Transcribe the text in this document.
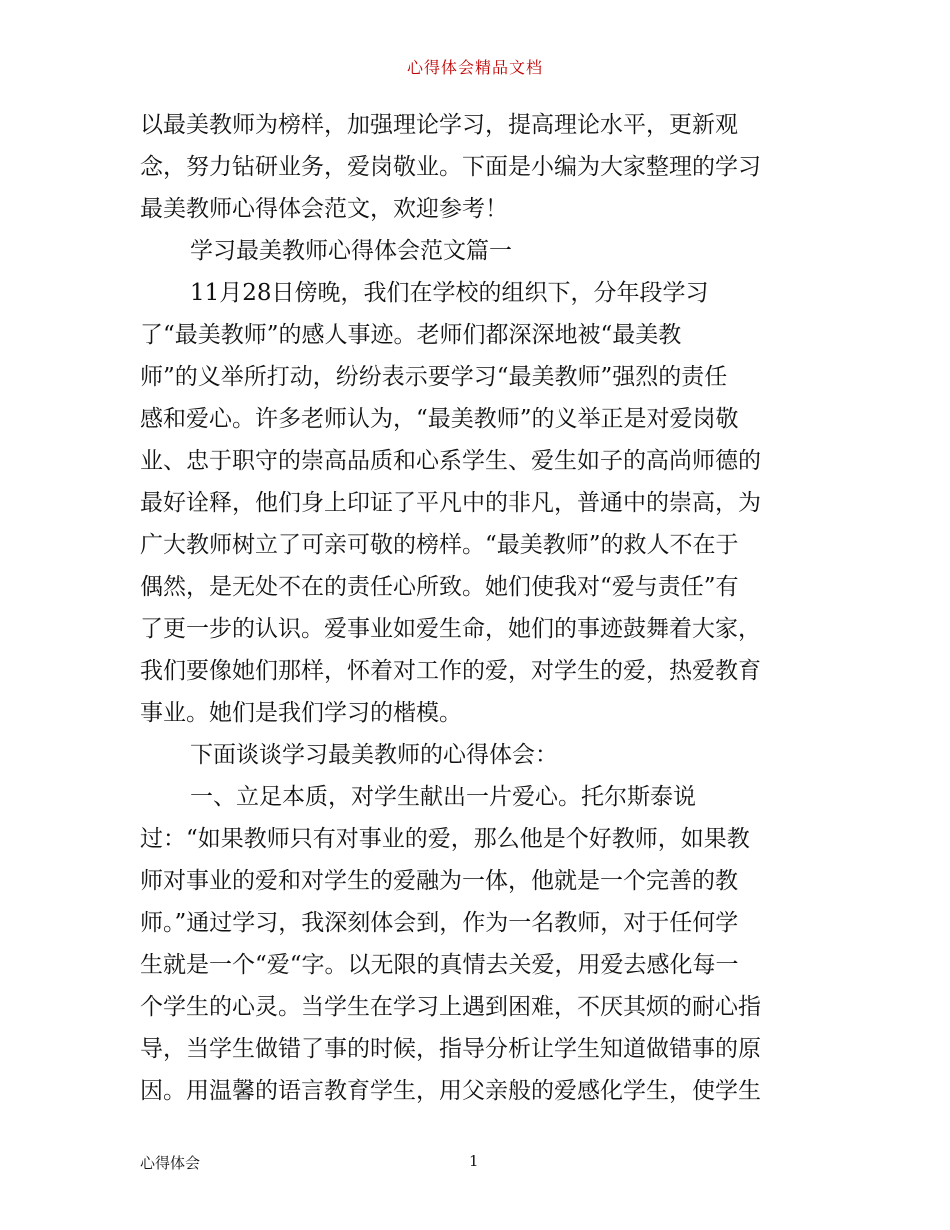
心得体会精品文档
以最美教师为榜样，加强理论学习，提高理论水平，更新观
念，努力钻研业务，爱岗敬业。下面是小编为大家整理的学习
最美教师心得体会范文，欢迎参考！
学习最美教师心得体会范文篇一
11月28日傍晚，我们在学校的组织下，分年段学习
了“最美教师”的感人事迹。老师们都深深地被“最美教
师”的义举所打动，纷纷表示要学习“最美教师”强烈的责任
感和爱心。许多老师认为，“最美教师”的义举正是对爱岗敬
业、忠于职守的崇高品质和心系学生、爱生如子的高尚师德的
最好诠释，他们身上印证了平凡中的非凡，普通中的崇高，为
广大教师树立了可亲可敬的榜样。“最美教师”的救人不在于
偶然，是无处不在的责任心所致。她们使我对“爱与责任”有
了更一步的认识。爱事业如爱生命，她们的事迹鼓舞着大家，
我们要像她们那样，怀着对工作的爱，对学生的爱，热爱教育
事业。她们是我们学习的楷模。
下面谈谈学习最美教师的心得体会：
一、立足本质，对学生献出一片爱心。托尔斯泰说
过：“如果教师只有对事业的爱，那么他是个好教师，如果教
师对事业的爱和对学生的爱融为一体，他就是一个完善的教
师。”通过学习，我深刻体会到，作为一名教师，对于任何学
生就是一个“爱“字。以无限的真情去关爱，用爱去感化每一
个学生的心灵。当学生在学习上遇到困难，不厌其烦的耐心指
导，当学生做错了事的时候，指导分析让学生知道做错事的原
因。用温馨的语言教育学生，用父亲般的爱感化学生，使学生
心得体会	1
